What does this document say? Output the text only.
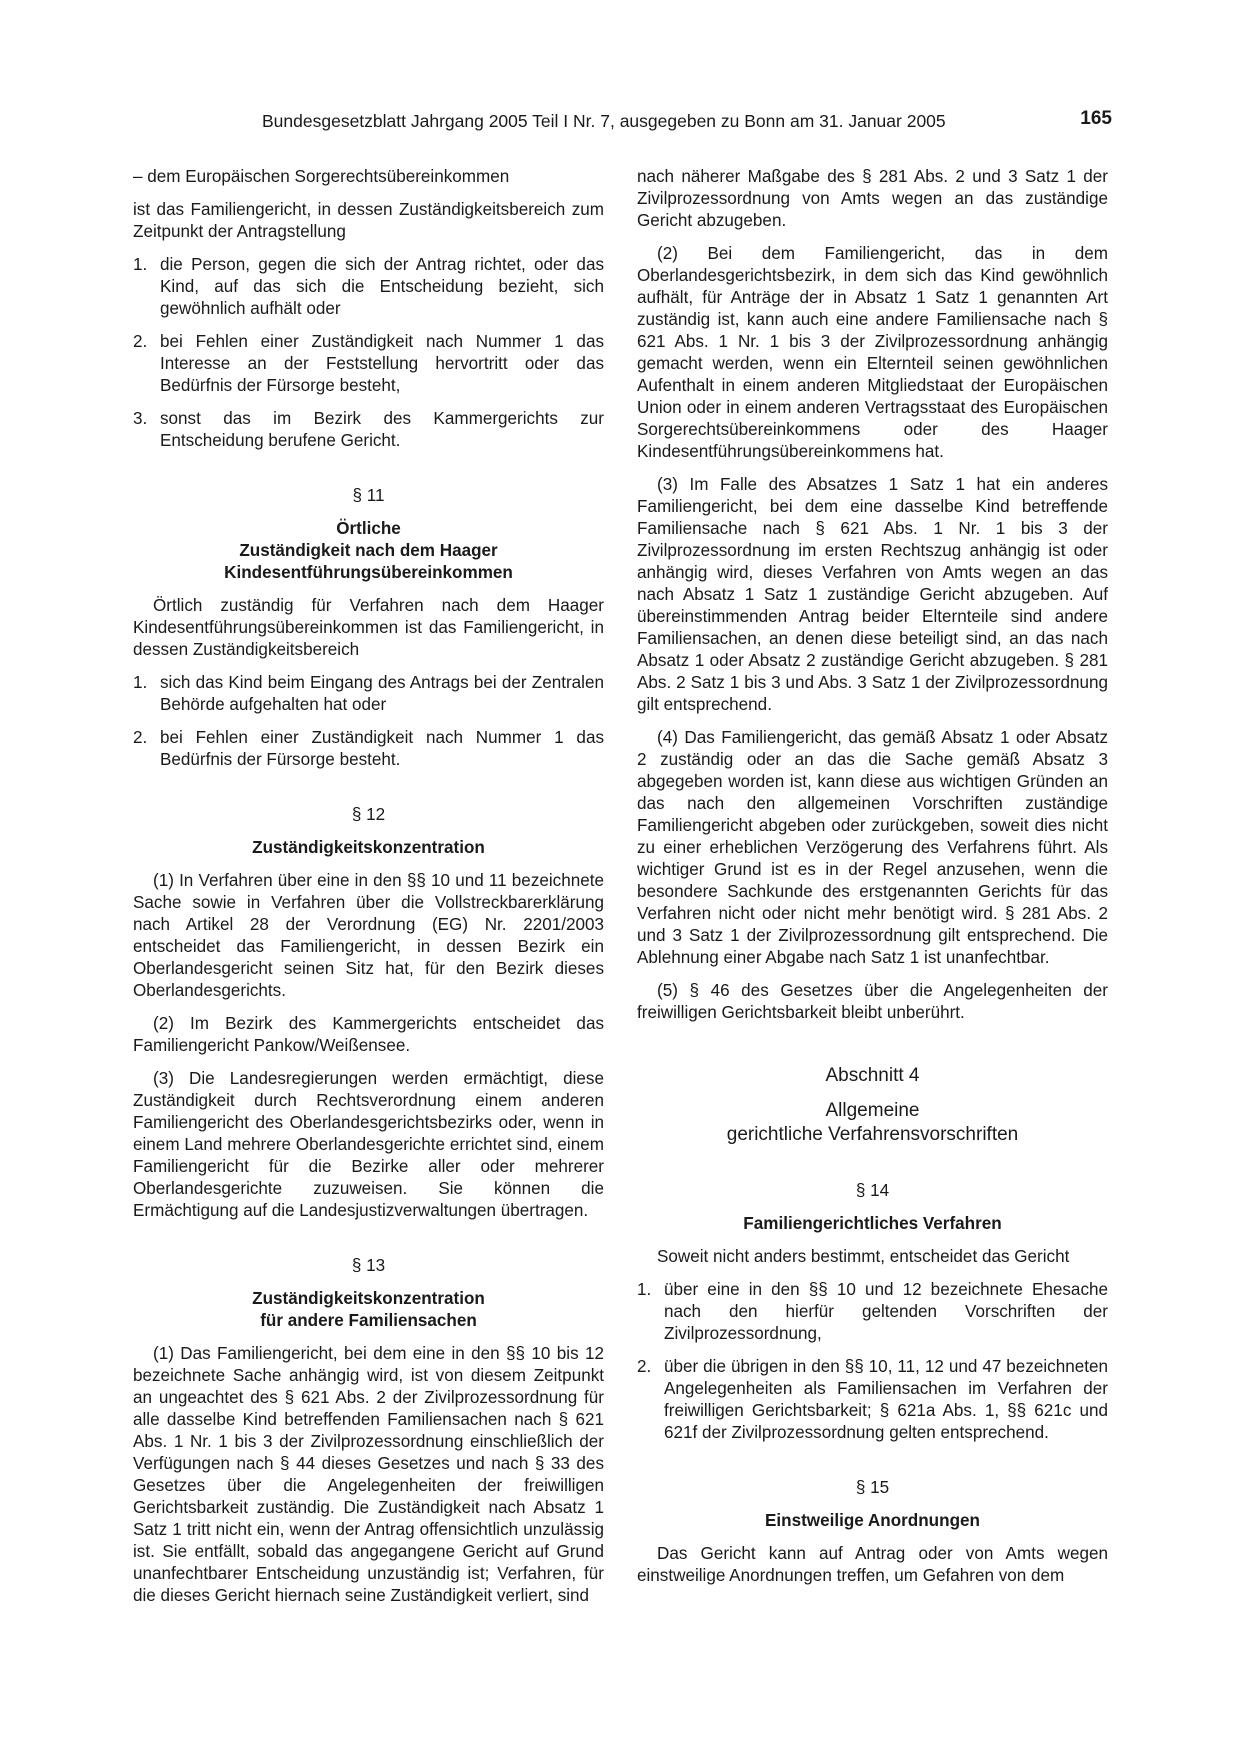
Bundesgesetzblatt Jahrgang 2005 Teil I Nr. 7, ausgegeben zu Bonn am 31. Januar 2005	165

– dem Europäischen Sorgerechtsübereinkommen

ist das Familiengericht, in dessen Zuständigkeitsbereich zum Zeitpunkt der Antragstellung

1. die Person, gegen die sich der Antrag richtet, oder das Kind, auf das sich die Entscheidung bezieht, sich gewöhnlich aufhält oder
2. bei Fehlen einer Zuständigkeit nach Nummer 1 das Interesse an der Feststellung hervortritt oder das Bedürfnis der Fürsorge besteht,
3. sonst das im Bezirk des Kammergerichts zur Entscheidung berufene Gericht.
§ 11
Örtliche
Zuständigkeit nach dem Haager
Kindesentführungsübereinkommen

Örtlich zuständig für Verfahren nach dem Haager Kindesentführungsübereinkommen ist das Familiengericht, in dessen Zuständigkeitsbereich

1. sich das Kind beim Eingang des Antrags bei der Zentralen Behörde aufgehalten hat oder
2. bei Fehlen einer Zuständigkeit nach Nummer 1 das Bedürfnis der Fürsorge besteht.
§ 12
Zuständigkeitskonzentration

(1) In Verfahren über eine in den §§ 10 und 11 bezeichnete Sache sowie in Verfahren über die Vollstreckbarerklärung nach Artikel 28 der Verordnung (EG) Nr. 2201/2003 entscheidet das Familiengericht, in dessen Bezirk ein Oberlandesgericht seinen Sitz hat, für den Bezirk dieses Oberlandesgerichts.

(2) Im Bezirk des Kammergerichts entscheidet das Familiengericht Pankow/Weißensee.

(3) Die Landesregierungen werden ermächtigt, diese Zuständigkeit durch Rechtsverordnung einem anderen Familiengericht des Oberlandesgerichtsbezirks oder, wenn in einem Land mehrere Oberlandesgerichte errichtet sind, einem Familiengericht für die Bezirke aller oder mehrerer Oberlandesgerichte zuzuweisen. Sie können die Ermächtigung auf die Landesjustizverwaltungen übertragen.

§ 13
Zuständigkeitskonzentration
für andere Familiensachen

(1) Das Familiengericht, bei dem eine in den §§ 10 bis 12 bezeichnete Sache anhängig wird, ist von diesem Zeitpunkt an ungeachtet des § 621 Abs. 2 der Zivilprozessordnung für alle dasselbe Kind betreffenden Familiensachen nach § 621 Abs. 1 Nr. 1 bis 3 der Zivilprozessordnung einschließlich der Verfügungen nach § 44 dieses Gesetzes und nach § 33 des Gesetzes über die Angelegenheiten der freiwilligen Gerichtsbarkeit zuständig. Die Zuständigkeit nach Absatz 1 Satz 1 tritt nicht ein, wenn der Antrag offensichtlich unzulässig ist. Sie entfällt, sobald das angegangene Gericht auf Grund unanfechtbarer Entscheidung unzuständig ist; Verfahren, für die dieses Gericht hiernach seine Zuständigkeit verliert, sind

nach näherer Maßgabe des § 281 Abs. 2 und 3 Satz 1 der Zivilprozessordnung von Amts wegen an das zuständige Gericht abzugeben.

(2) Bei dem Familiengericht, das in dem Oberlandesgerichtsbezirk, in dem sich das Kind gewöhnlich aufhält, für Anträge der in Absatz 1 Satz 1 genannten Art zuständig ist, kann auch eine andere Familiensache nach § 621 Abs. 1 Nr. 1 bis 3 der Zivilprozessordnung anhängig gemacht werden, wenn ein Elternteil seinen gewöhnlichen Aufenthalt in einem anderen Mitgliedstaat der Europäischen Union oder in einem anderen Vertragsstaat des Europäischen Sorgerechtsübereinkommens oder des Haager Kindesentführungsübereinkommens hat.

(3) Im Falle des Absatzes 1 Satz 1 hat ein anderes Familiengericht, bei dem eine dasselbe Kind betreffende Familiensache nach § 621 Abs. 1 Nr. 1 bis 3 der Zivilprozessordnung im ersten Rechtszug anhängig ist oder anhängig wird, dieses Verfahren von Amts wegen an das nach Absatz 1 Satz 1 zuständige Gericht abzugeben. Auf übereinstimmenden Antrag beider Elternteile sind andere Familiensachen, an denen diese beteiligt sind, an das nach Absatz 1 oder Absatz 2 zuständige Gericht abzugeben. § 281 Abs. 2 Satz 1 bis 3 und Abs. 3 Satz 1 der Zivilprozessordnung gilt entsprechend.

(4) Das Familiengericht, das gemäß Absatz 1 oder Absatz 2 zuständig oder an das die Sache gemäß Absatz 3 abgegeben worden ist, kann diese aus wichtigen Gründen an das nach den allgemeinen Vorschriften zuständige Familiengericht abgeben oder zurückgeben, soweit dies nicht zu einer erheblichen Verzögerung des Verfahrens führt. Als wichtiger Grund ist es in der Regel anzusehen, wenn die besondere Sachkunde des erstgenannten Gerichts für das Verfahren nicht oder nicht mehr benötigt wird. § 281 Abs. 2 und 3 Satz 1 der Zivilprozessordnung gilt entsprechend. Die Ablehnung einer Abgabe nach Satz 1 ist unanfechtbar.

(5) § 46 des Gesetzes über die Angelegenheiten der freiwilligen Gerichtsbarkeit bleibt unberührt.

Abschnitt 4
Allgemeine
gerichtliche Verfahrensvorschriften
§ 14
Familiengerichtliches Verfahren

Soweit nicht anders bestimmt, entscheidet das Gericht

1. über eine in den §§ 10 und 12 bezeichnete Ehesache nach den hierfür geltenden Vorschriften der Zivilprozessordnung,
2. über die übrigen in den §§ 10, 11, 12 und 47 bezeichneten Angelegenheiten als Familiensachen im Verfahren der freiwilligen Gerichtsbarkeit; § 621a Abs. 1, §§ 621c und 621f der Zivilprozessordnung gelten entsprechend.
§ 15
Einstweilige Anordnungen

Das Gericht kann auf Antrag oder von Amts wegen einstweilige Anordnungen treffen, um Gefahren von dem
